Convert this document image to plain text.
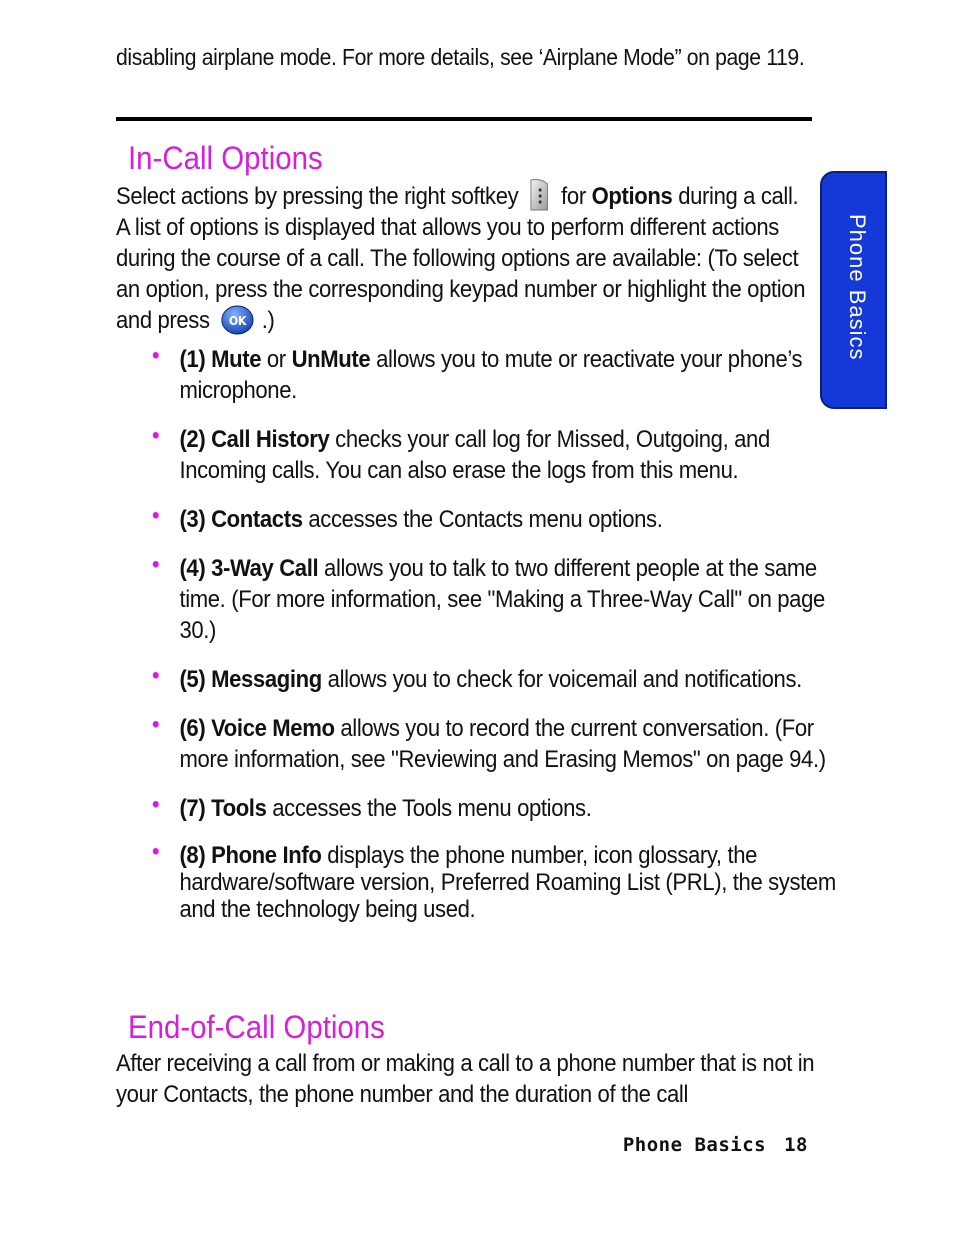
disabling airplane mode. For more details, see ‘Airplane Mode” on page 119.
In-Call Options
Select actions by pressing the right softkey for Options during a call. A list of options is displayed that allows you to perform different actions during the course of a call. The following options are available: (To select an option, press the corresponding keypad number or highlight the option and press OK .)
• (1) Mute or UnMute allows you to mute or reactivate your phone’s microphone.
• (2) Call History checks your call log for Missed, Outgoing, and Incoming calls. You can also erase the logs from this menu.
• (3) Contacts accesses the Contacts menu options.
• (4) 3-Way Call allows you to talk to two different people at the same time. (For more information, see "Making a Three-Way Call" on page 30.)
• (5) Messaging allows you to check for voicemail and notifications.
• (6) Voice Memo allows you to record the current conversation. (For more information, see "Reviewing and Erasing Memos" on page 94.)
• (7) Tools accesses the Tools menu options.
• (8) Phone Info displays the phone number, icon glossary, the hardware/software version, Preferred Roaming List (PRL), the system and the technology being used.
End-of-Call Options
After receiving a call from or making a call to a phone number that is not in your Contacts, the phone number and the duration of the call
Phone Basics
Phone Basics 18
